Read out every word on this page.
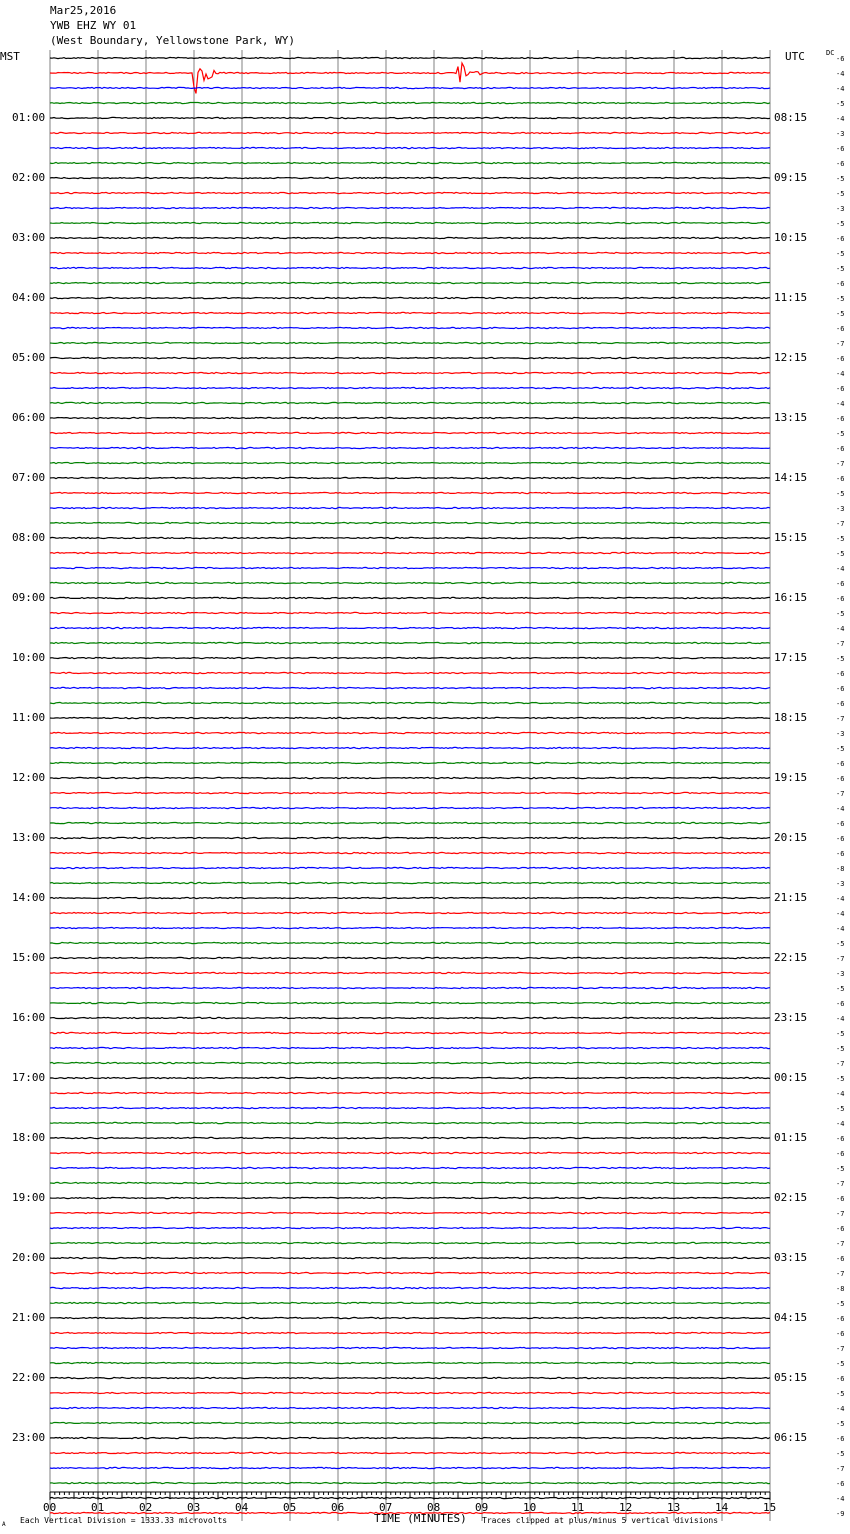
Mar25,2016
YWB EHZ WY 01
(West Boundary, Yellowstone Park, WY)
MST	UTC	DC
-6
-4
-4
-5
-4
-3
-6
-6
-5
-5
-3
-5
-6
-5
-5
-6
-5
-5
-6
-7
-6
-4
-6
-4
-6
-5
-6
-7
-6
-5
-3
-7
-5
-5
-4
-6
-6
-5
-4
-7
-5
-6
-6
-6
-7
-3
-5
-6
-6
-7
-4
-6
-6
-6
-8
-3
-4
-4
-4
-5
-7
-3
-5
-6
-4
-5
-5
-7
-5
-4
-5
-4
-6
-6
-5
-7
-6
-7
-6
-7
-6
-7
-8
-5
-6
-6
-7
-5
-6
-5
-4
-5
-6
-5
-7
-6
-4
-9
01:00	08:15
02:00	09:15
03:00	10:15
04:00	11:15
05:00	12:15
06:00	13:15
07:00	14:15
08:00	15:15
09:00	16:15
10:00	17:15
11:00	18:15
12:00	19:15
13:00	20:15
14:00	21:15
15:00	22:15
16:00	23:15
17:00	00:15
18:00	01:15
19:00	02:15
20:00	03:15
21:00	04:15
22:00	05:15
23:00	06:15
00	01	02	03	04	05	06	07	08	09	10	11	12	13	14	15
A Each Vertical Division = 1333.33 microvolts	TIME (MINUTES) Traces clipped at plus/minus 5 vertical divisions
